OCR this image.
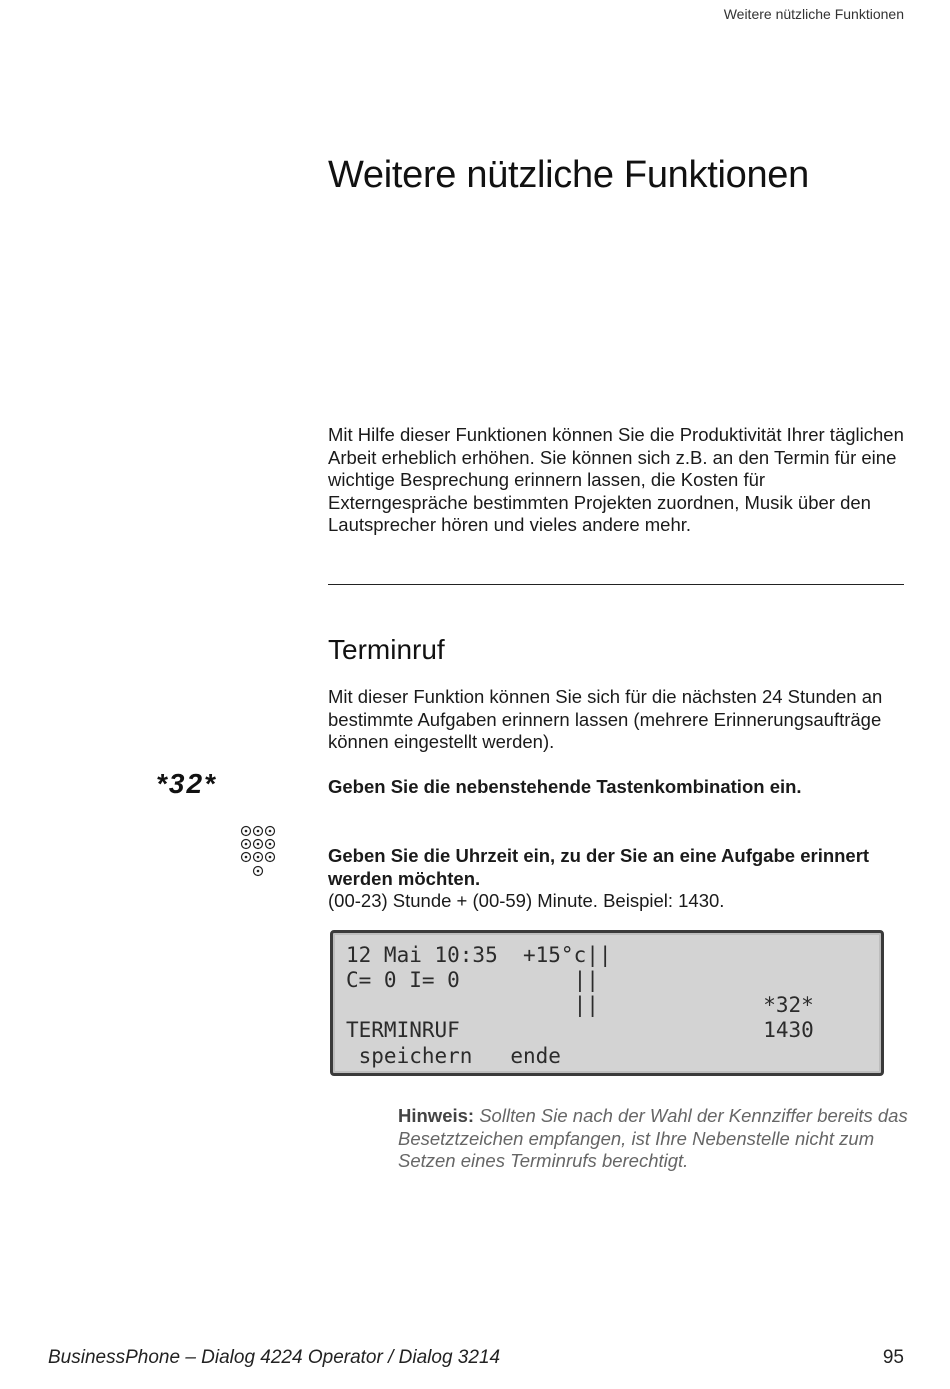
Weitere nützliche Funktionen
Weitere nützliche Funktionen

Mit Hilfe dieser Funktionen können Sie die Produktivität Ihrer täglichen Arbeit erheblich erhöhen. Sie können sich z.B. an den Termin für eine wichtige Besprechung erinnern lassen, die Kosten für Externgespräche bestimmten Projekten zuordnen, Musik über den Lautsprecher hören und vieles andere mehr.

Terminruf

Mit dieser Funktion können Sie sich für die nächsten 24 Stunden an bestimmte Aufgaben erinnern lassen (mehrere Erinnerungsaufträge können eingestellt werden).

*32*	Geben Sie die nebenstehende Tastenkombination ein.
Geben Sie die Uhrzeit ein, zu der Sie an eine Aufgabe erinnert werden möchten.
(00-23) Stunde + (00-59) Minute. Beispiel: 1430.
12 Mai 10:35  +15°c||
C= 0 I= 0         ||
||             *32*
TERMINRUF                        1430
speichern   ende

Hinweis: Sollten Sie nach der Wahl der Kennziffer bereits das Besetztzeichen empfangen, ist Ihre Nebenstelle nicht zum Setzen eines Terminrufs berechtigt.

BusinessPhone – Dialog 4224 Operator / Dialog 3214	95
